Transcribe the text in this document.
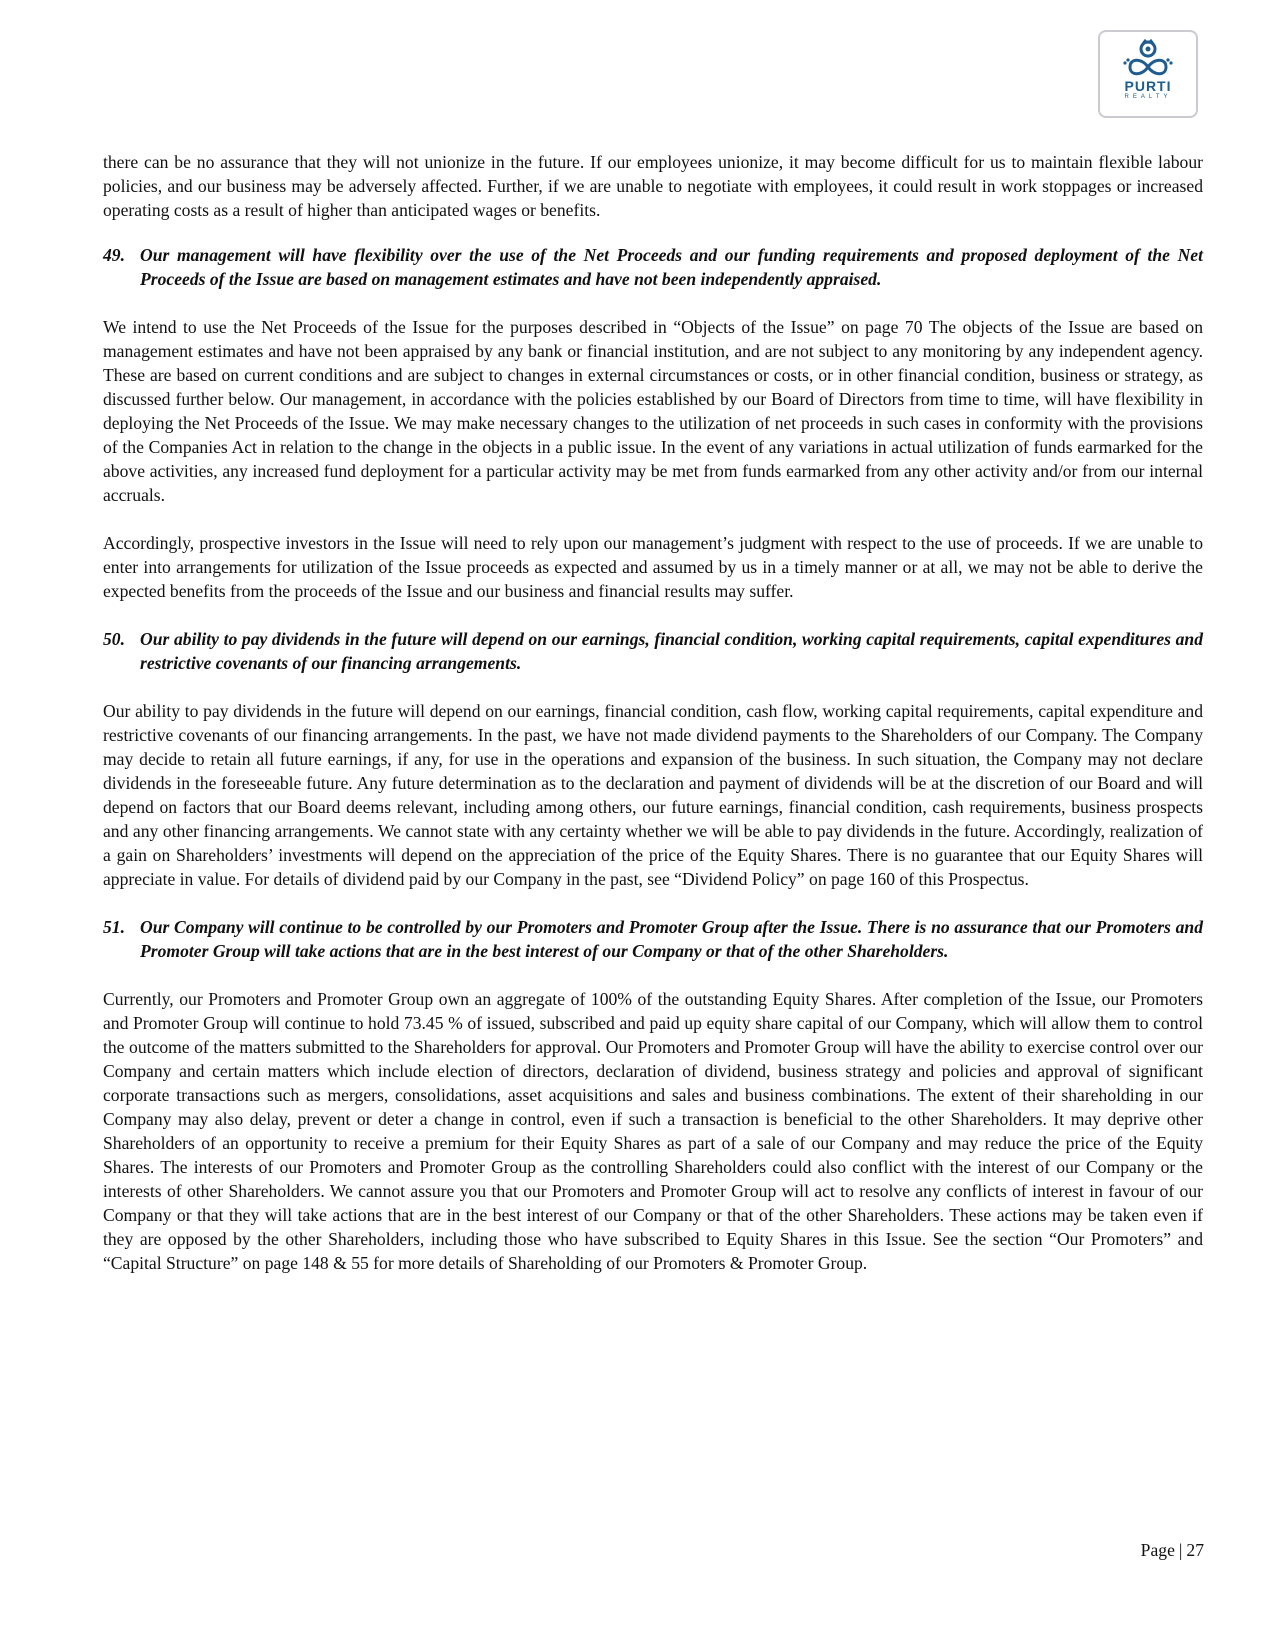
PURTI
REALTY

there can be no assurance that they will not unionize in the future. If our employees unionize, it may become difficult for us to maintain flexible labour policies, and our business may be adversely affected. Further, if we are unable to negotiate with employees, it could result in work stoppages or increased operating costs as a result of higher than anticipated wages or benefits.

49. Our management will have flexibility over the use of the Net Proceeds and our funding requirements and proposed deployment of the Net Proceeds of the Issue are based on management estimates and have not been independently appraised.

We intend to use the Net Proceeds of the Issue for the purposes described in “Objects of the Issue” on page 70 The objects of the Issue are based on management estimates and have not been appraised by any bank or financial institution, and are not subject to any monitoring by any independent agency. These are based on current conditions and are subject to changes in external circumstances or costs, or in other financial condition, business or strategy, as discussed further below. Our management, in accordance with the policies established by our Board of Directors from time to time, will have flexibility in deploying the Net Proceeds of the Issue. We may make necessary changes to the utilization of net proceeds in such cases in conformity with the provisions of the Companies Act in relation to the change in the objects in a public issue. In the event of any variations in actual utilization of funds earmarked for the above activities, any increased fund deployment for a particular activity may be met from funds earmarked from any other activity and/or from our internal accruals.

Accordingly, prospective investors in the Issue will need to rely upon our management’s judgment with respect to the use of proceeds. If we are unable to enter into arrangements for utilization of the Issue proceeds as expected and assumed by us in a timely manner or at all, we may not be able to derive the expected benefits from the proceeds of the Issue and our business and financial results may suffer.

50. Our ability to pay dividends in the future will depend on our earnings, financial condition, working capital requirements, capital expenditures and restrictive covenants of our financing arrangements.

Our ability to pay dividends in the future will depend on our earnings, financial condition, cash flow, working capital requirements, capital expenditure and restrictive covenants of our financing arrangements. In the past, we have not made dividend payments to the Shareholders of our Company. The Company may decide to retain all future earnings, if any, for use in the operations and expansion of the business. In such situation, the Company may not declare dividends in the foreseeable future. Any future determination as to the declaration and payment of dividends will be at the discretion of our Board and will depend on factors that our Board deems relevant, including among others, our future earnings, financial condition, cash requirements, business prospects and any other financing arrangements. We cannot state with any certainty whether we will be able to pay dividends in the future. Accordingly, realization of a gain on Shareholders’ investments will depend on the appreciation of the price of the Equity Shares. There is no guarantee that our Equity Shares will appreciate in value. For details of dividend paid by our Company in the past, see “Dividend Policy” on page 160 of this Prospectus.

51. Our Company will continue to be controlled by our Promoters and Promoter Group after the Issue. There is no assurance that our Promoters and Promoter Group will take actions that are in the best interest of our Company or that of the other Shareholders.

Currently, our Promoters and Promoter Group own an aggregate of 100% of the outstanding Equity Shares. After completion of the Issue, our Promoters and Promoter Group will continue to hold 73.45 % of issued, subscribed and paid up equity share capital of our Company, which will allow them to control the outcome of the matters submitted to the Shareholders for approval. Our Promoters and Promoter Group will have the ability to exercise control over our Company and certain matters which include election of directors, declaration of dividend, business strategy and policies and approval of significant corporate transactions such as mergers, consolidations, asset acquisitions and sales and business combinations. The extent of their shareholding in our Company may also delay, prevent or deter a change in control, even if such a transaction is beneficial to the other Shareholders. It may deprive other Shareholders of an opportunity to receive a premium for their Equity Shares as part of a sale of our Company and may reduce the price of the Equity Shares. The interests of our Promoters and Promoter Group as the controlling Shareholders could also conflict with the interest of our Company or the interests of other Shareholders. We cannot assure you that our Promoters and Promoter Group will act to resolve any conflicts of interest in favour of our Company or that they will take actions that are in the best interest of our Company or that of the other Shareholders. These actions may be taken even if they are opposed by the other Shareholders, including those who have subscribed to Equity Shares in this Issue. See the section “Our Promoters” and “Capital Structure” on page 148 & 55 for more details of Shareholding of our Promoters & Promoter Group.

Page | 27
